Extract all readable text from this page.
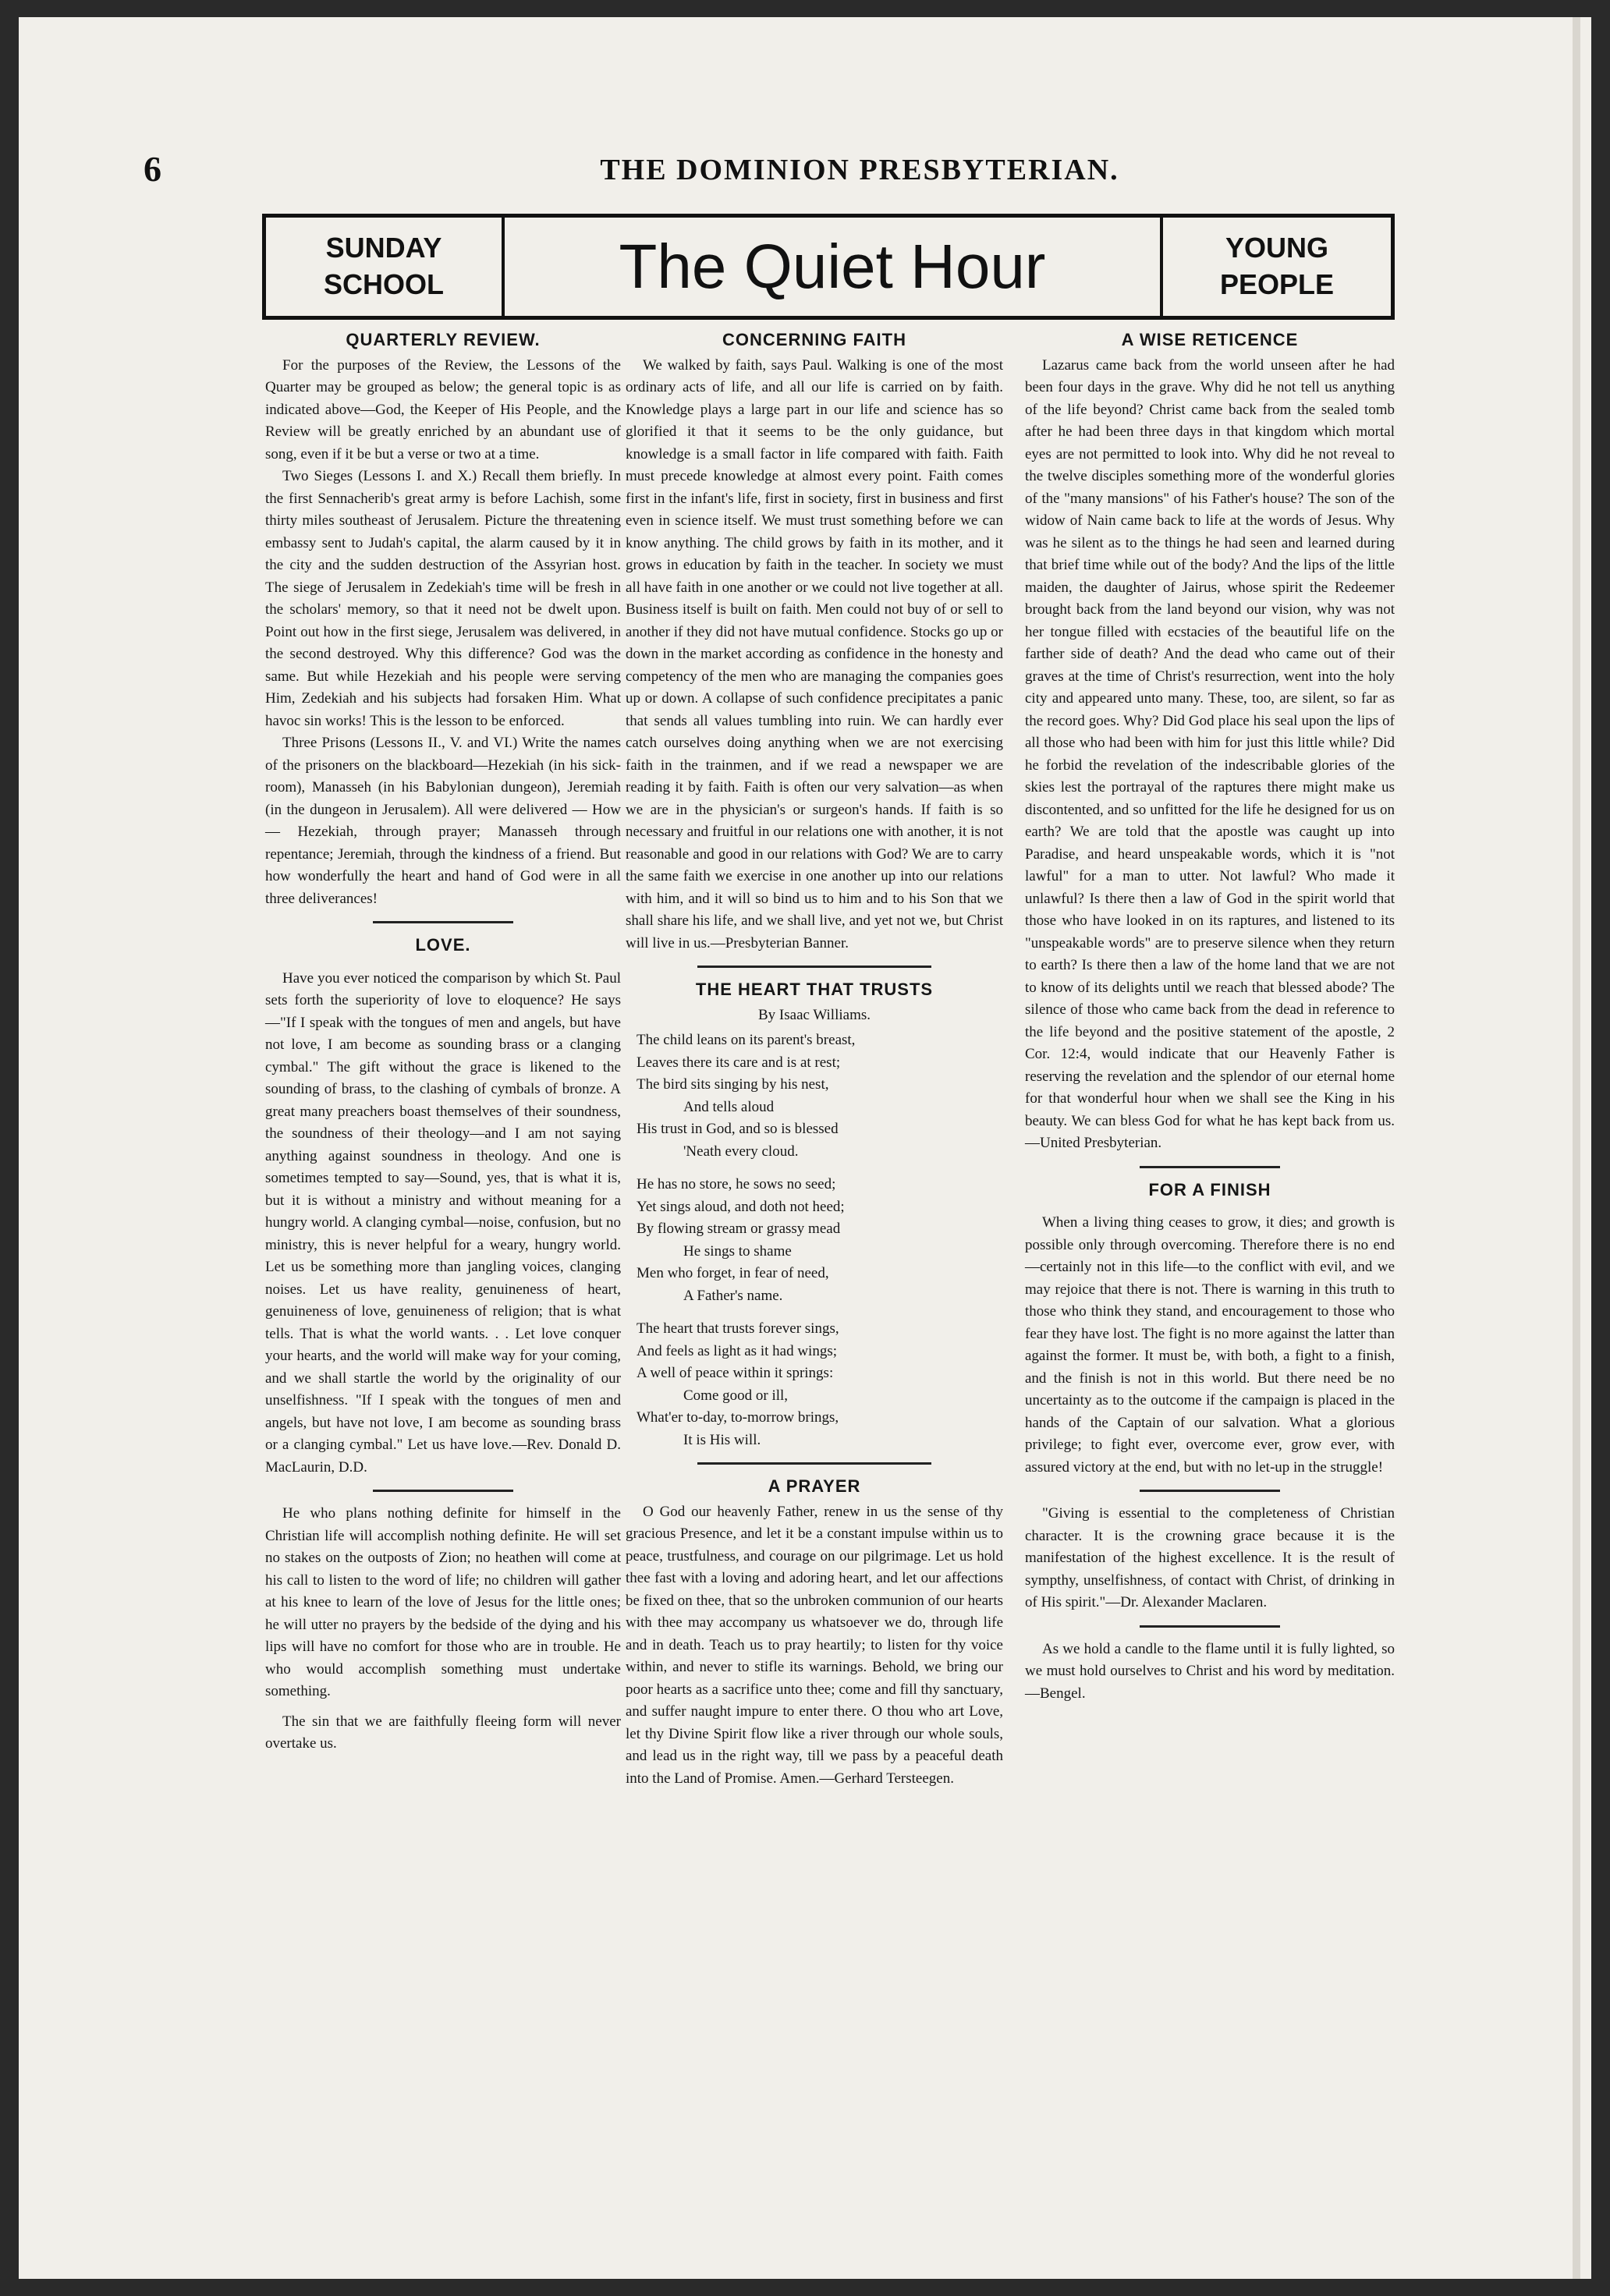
6	THE DOMINION PRESBYTERIAN.
SUNDAY
SCHOOL	The Quiet Hour	YOUNG
PEOPLE
QUARTERLY REVIEW.

For the purposes of the Review, the Lessons of the Quarter may be grouped as below; the general topic is as indicated above—God, the Keeper of His People, and the Review will be greatly enriched by an abundant use of song, even if it be but a verse or two at a time.

Two Sieges (Lessons I. and X.) Recall them briefly. In the first Sennacherib's great army is before Lachish, some thirty miles southeast of Jerusalem. Picture the threatening embassy sent to Judah's capital, the alarm caused by it in the city and the sudden destruction of the Assyrian host. The siege of Jerusalem in Zedekiah's time will be fresh in the scholars' memory, so that it need not be dwelt upon. Point out how in the first siege, Jerusalem was delivered, in the second destroyed. Why this difference? God was the same. But while Hezekiah and his people were serving Him, Zedekiah and his subjects had forsaken Him. What havoc sin works! This is the lesson to be enforced.

Three Prisons (Lessons II., V. and VI.) Write the names of the prisoners on the blackboard—Hezekiah (in his sick-room), Manasseh (in his Babylonian dungeon), Jeremiah (in the dungeon in Jerusalem). All were delivered — How— Hezekiah, through prayer; Manasseh through repentance; Jeremiah, through the kindness of a friend. But how wonderfully the heart and hand of God were in all three deliverances!

LOVE.

Have you ever noticed the comparison by which St. Paul sets forth the superiority of love to eloquence? He says—"If I speak with the tongues of men and angels, but have not love, I am become as sounding brass or a clanging cymbal." The gift without the grace is likened to the sounding of brass, to the clashing of cymbals of bronze. A great many preachers boast themselves of their soundness, the soundness of their theology—and I am not saying anything against soundness in theology. And one is sometimes tempted to say—Sound, yes, that is what it is, but it is without a ministry and without meaning for a hungry world. A clanging cymbal—noise, confusion, but no ministry, this is never helpful for a weary, hungry world. Let us be something more than jangling voices, clanging noises. Let us have reality, genuineness of heart, genuineness of love, genuineness of religion; that is what tells. That is what the world wants. . . Let love conquer your hearts, and the world will make way for your coming, and we shall startle the world by the originality of our unselfishness. "If I speak with the tongues of men and angels, but have not love, I am become as sounding brass or a clanging cymbal." Let us have love.—Rev. Donald D. MacLaurin, D.D.

He who plans nothing definite for himself in the Christian life will accomplish nothing definite. He will set no stakes on the outposts of Zion; no heathen will come at his call to listen to the word of life; no children will gather at his knee to learn of the love of Jesus for the little ones; he will utter no prayers by the bedside of the dying and his lips will have no comfort for those who are in trouble. He who would accomplish something must undertake something.

The sin that we are faithfully fleeing form will never overtake us.

CONCERNING FAITH

We walked by faith, says Paul. Walking is one of the most ordinary acts of life, and all our life is carried on by faith. Knowledge plays a large part in our life and science has so glorified it that it seems to be the only guidance, but knowledge is a small factor in life compared with faith. Faith must precede knowledge at almost every point. Faith comes first in the infant's life, first in society, first in business and first even in science itself. We must trust something before we can know anything. The child grows by faith in its mother, and it grows in education by faith in the teacher. In society we must all have faith in one another or we could not live together at all. Business itself is built on faith. Men could not buy of or sell to another if they did not have mutual confidence. Stocks go up or down in the market according as confidence in the honesty and competency of the men who are managing the companies goes up or down. A collapse of such confidence precipitates a panic that sends all values tumbling into ruin. We can hardly ever catch ourselves doing anything when we are not exercising faith in the trainmen, and if we read a newspaper we are reading it by faith. Faith is often our very salvation—as when we are in the physician's or surgeon's hands. If faith is so necessary and fruitful in our relations one with another, it is not reasonable and good in our relations with God? We are to carry the same faith we exercise in one another up into our relations with him, and it will so bind us to him and to his Son that we shall share his life, and we shall live, and yet not we, but Christ will live in us.—Presbyterian Banner.

THE HEART THAT TRUSTS
By Isaac Williams.
The child leans on its parent's breast,
Leaves there its care and is at rest;
The bird sits singing by his nest,
And tells aloud
His trust in God, and so is blessed
'Neath every cloud.
He has no store, he sows no seed;
Yet sings aloud, and doth not heed;
By flowing stream or grassy mead
He sings to shame
Men who forget, in fear of need,
A Father's name.
The heart that trusts forever sings,
And feels as light as it had wings;
A well of peace within it springs:
Come good or ill,
What'er to-day, to-morrow brings,
It is His will.
A PRAYER

O God our heavenly Father, renew in us the sense of thy gracious Presence, and let it be a constant impulse within us to peace, trustfulness, and courage on our pilgrimage. Let us hold thee fast with a loving and adoring heart, and let our affections be fixed on thee, that so the unbroken communion of our hearts with thee may accompany us whatsoever we do, through life and in death. Teach us to pray heartily; to listen for thy voice within, and never to stifle its warnings. Behold, we bring our poor hearts as a sacrifice unto thee; come and fill thy sanctuary, and suffer naught impure to enter there. O thou who art Love, let thy Divine Spirit flow like a river through our whole souls, and lead us in the right way, till we pass by a peaceful death into the Land of Promise. Amen.—Gerhard Tersteegen.

A WISE RETICENCE

Lazarus came back from the world unseen after he had been four days in the grave. Why did he not tell us anything of the life beyond? Christ came back from the sealed tomb after he had been three days in that kingdom which mortal eyes are not permitted to look into. Why did he not reveal to the twelve disciples something more of the wonderful glories of the "many mansions" of his Father's house? The son of the widow of Nain came back to life at the words of Jesus. Why was he silent as to the things he had seen and learned during that brief time while out of the body? And the lips of the little maiden, the daughter of Jairus, whose spirit the Redeemer brought back from the land beyond our vision, why was not her tongue filled with ecstacies of the beautiful life on the farther side of death? And the dead who came out of their graves at the time of Christ's resurrection, went into the holy city and appeared unto many. These, too, are silent, so far as the record goes. Why? Did God place his seal upon the lips of all those who had been with him for just this little while? Did he forbid the revelation of the indescribable glories of the skies lest the portrayal of the raptures there might make us discontented, and so unfitted for the life he designed for us on earth? We are told that the apostle was caught up into Paradise, and heard unspeakable words, which it is "not lawful" for a man to utter. Not lawful? Who made it unlawful? Is there then a law of God in the spirit world that those who have looked in on its raptures, and listened to its "unspeakable words" are to preserve silence when they return to earth? Is there then a law of the home land that we are not to know of its delights until we reach that blessed abode? The silence of those who came back from the dead in reference to the life beyond and the positive statement of the apostle, 2 Cor. 12:4, would indicate that our Heavenly Father is reserving the revelation and the splendor of our eternal home for that wonderful hour when we shall see the King in his beauty. We can bless God for what he has kept back from us.—United Presbyterian.

FOR A FINISH

When a living thing ceases to grow, it dies; and growth is possible only through overcoming. Therefore there is no end—certainly not in this life—to the conflict with evil, and we may rejoice that there is not. There is warning in this truth to those who think they stand, and encouragement to those who fear they have lost. The fight is no more against the latter than against the former. It must be, with both, a fight to a finish, and the finish is not in this world. But there need be no uncertainty as to the outcome if the campaign is placed in the hands of the Captain of our salvation. What a glorious privilege; to fight ever, overcome ever, grow ever, with assured victory at the end, but with no let-up in the struggle!

"Giving is essential to the completeness of Christian character. It is the crowning grace because it is the manifestation of the highest excellence. It is the result of sympthy, unselfishness, of contact with Christ, of drinking in of His spirit."—Dr. Alexander Maclaren.

As we hold a candle to the flame until it is fully lighted, so we must hold ourselves to Christ and his word by meditation.—Bengel.
